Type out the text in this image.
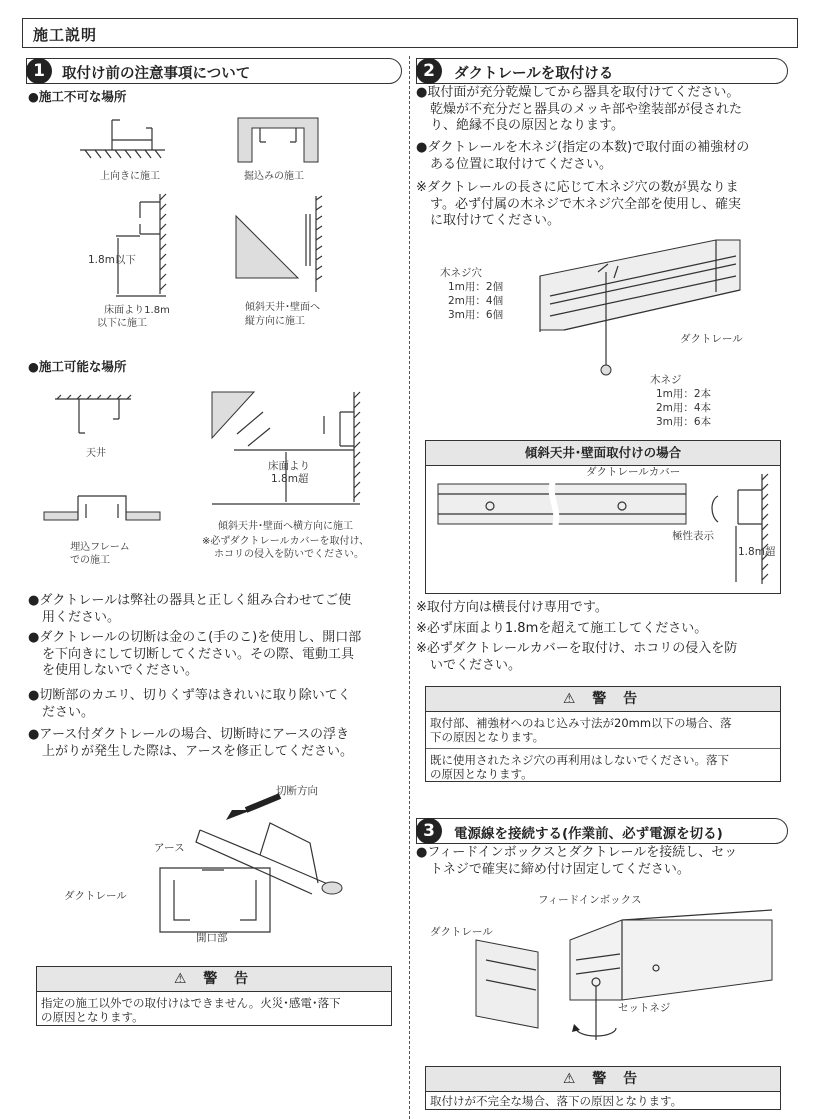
施工説明
1	取付け前の注意事項について
●施工不可な場所
上向きに施工	掘込みの施工
1.8m以下
床面より1.8m
以下に施工
傾斜天井･壁面へ
縦方向に施工
●施工可能な場所
天井
埋込フレーム
での施工
床面より
1.8m超
傾斜天井･壁面へ横方向に施工
※必ずダクトレールカバーを取付け、
ホコリの侵入を防いでください。
●ダクトレールは弊社の器具と正しく組み合わせてご使
用ください。
●ダクトレールの切断は金のこ(手のこ)を使用し、開口部
を下向きにして切断してください。その際、電動工具
を使用しないでください。
●切断部のカエリ、切りくず等はきれいに取り除いてく
ださい。
●アース付ダクトレールの場合、切断時にアースの浮き
上がりが発生した際は、アースを修正してください。
切断方向
アース
ダクトレール
開口部
⚠ 警 告
指定の施工以外での取付けはできません。火災･感電･落下
の原因となります。
2	ダクトレールを取付ける
●取付面が充分乾燥してから器具を取付けてください。
乾燥が不充分だと器具のメッキ部や塗装部が侵された
り、絶縁不良の原因となります。
●ダクトレールを木ネジ(指定の本数)で取付面の補強材の
ある位置に取付けてください。
※ダクトレールの長さに応じて木ネジ穴の数が異なりま
す。必ず付属の木ネジで木ネジ穴全部を使用し、確実
に取付けてください。
木ネジ穴
1m用：2個
2m用：4個
3m用：6個
ダクトレール
木ネジ
1m用：2本
2m用：4本
3m用：6本
傾斜天井･壁面取付けの場合
ダクトレールカバー
極性表示
1.8m超
※取付方向は横長付け専用です。
※必ず床面より1.8mを超えて施工してください。
※必ずダクトレールカバーを取付け、ホコリの侵入を防
いでください。
⚠ 警 告
取付部、補強材へのねじ込み寸法が20mm以下の場合、落
下の原因となります。
既に使用されたネジ穴の再利用はしないでください。落下
の原因となります。
3	電源線を接続する(作業前、必ず電源を切る)
●フィードインボックスとダクトレールを接続し、セッ
トネジで確実に締め付け固定してください。
フィードインボックス
ダクトレール
セットネジ
⚠ 警 告
取付けが不完全な場合、落下の原因となります。
